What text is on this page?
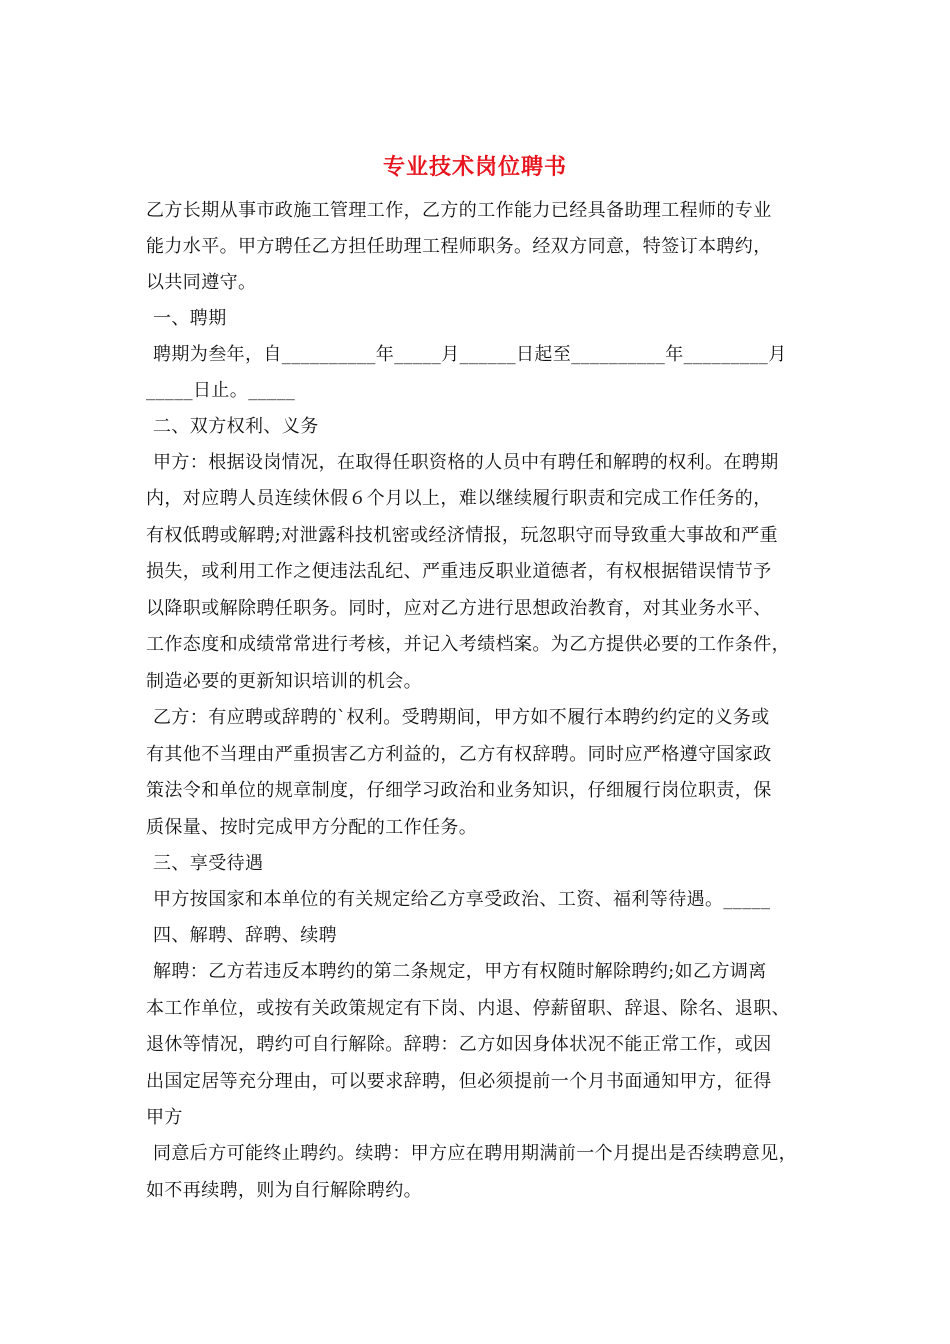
专业技术岗位聘书
乙方长期从事市政施工管理工作，乙方的工作能力已经具备助理工程师的专业
能力水平。甲方聘任乙方担任助理工程师职务。经双方同意，特签订本聘约，
以共同遵守。
一、聘期
聘期为叁年，自__________年_____月______日起至__________年_________月
_____日止。_____
二、双方权利、义务
甲方：根据设岗情况，在取得任职资格的人员中有聘任和解聘的权利。在聘期
内，对应聘人员连续休假６个月以上，难以继续履行职责和完成工作任务的，
有权低聘或解聘;对泄露科技机密或经济情报，玩忽职守而导致重大事故和严重
损失，或利用工作之便违法乱纪、严重违反职业道德者，有权根据错误情节予
以降职或解除聘任职务。同时，应对乙方进行思想政治教育，对其业务水平、
工作态度和成绩常常进行考核，并记入考绩档案。为乙方提供必要的工作条件，
制造必要的更新知识培训的机会。
乙方：有应聘或辞聘的`权利。受聘期间，甲方如不履行本聘约约定的义务或
有其他不当理由严重损害乙方利益的，乙方有权辞聘。同时应严格遵守国家政
策法令和单位的规章制度，仔细学习政治和业务知识，仔细履行岗位职责，保
质保量、按时完成甲方分配的工作任务。
三、享受待遇
甲方按国家和本单位的有关规定给乙方享受政治、工资、福利等待遇。_____
四、解聘、辞聘、续聘
解聘：乙方若违反本聘约的第二条规定，甲方有权随时解除聘约;如乙方调离
本工作单位，或按有关政策规定有下岗、内退、停薪留职、辞退、除名、退职、
退休等情况，聘约可自行解除。辞聘：乙方如因身体状况不能正常工作，或因
出国定居等充分理由，可以要求辞聘，但必须提前一个月书面通知甲方，征得
甲方
同意后方可能终止聘约。续聘：甲方应在聘用期满前一个月提出是否续聘意见，
如不再续聘，则为自行解除聘约。
